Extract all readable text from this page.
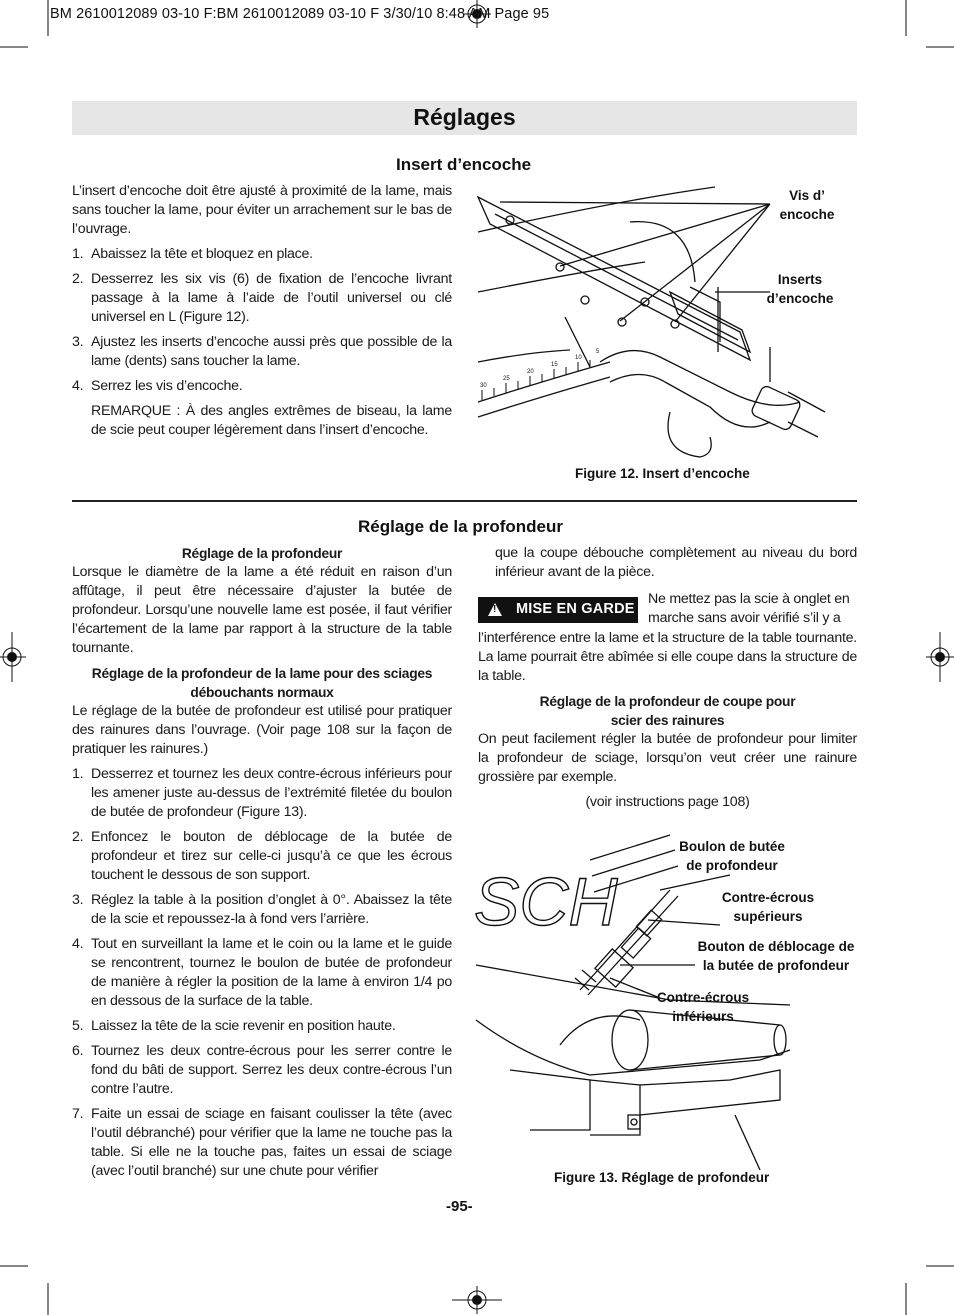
BM 2610012089 03-10 F:BM 2610012089 03-10 F 3/30/10 8:48 AM Page 95
Réglages
Insert d’encoche

L’insert d’encoche doit être ajusté à proximité de la lame, mais sans toucher la lame, pour éviter un arrachement sur le bas de l’ouvrage.

1. Abaissez la tête et bloquez en place.
2. Desserrez les six vis (6) de fixation de l’encoche livrant passage à la lame à l’aide de l’outil universel ou clé universel en L (Figure 12).
3. Ajustez les inserts d’encoche aussi près que possible de la lame (dents) sans toucher la lame.
4. Serrez les vis d’encoche.

REMARQUE : À des angles extrêmes de biseau, la lame de scie peut couper légèrement dans l’insert d’encoche.

30
25
20
15
10
5
Vis d’
encoche
Inserts
d’encoche
Figure 12. Insert d’encoche
Réglage de la profondeur
Réglage de la profondeur

Lorsque le diamètre de la lame a été réduit en raison d’un affûtage, il peut être nécessaire d’ajuster la butée de profondeur. Lorsqu’une nouvelle lame est posée, il faut vérifier l’écartement de la lame par rapport à la structure de la table tournante.

Réglage de la profondeur de la lame pour des sciages
débouchants normaux

Le réglage de la butée de profondeur est utilisé pour pratiquer des rainures dans l’ouvrage. (Voir page 108 sur la façon de pratiquer les rainures.)

1. Desserrez et tournez les deux contre-écrous inférieurs pour les amener juste au-dessus de l’extrémité filetée du boulon de butée de profondeur (Figure 13).
2. Enfoncez le bouton de déblocage de la butée de profondeur et tirez sur celle-ci jusqu’à ce que les écrous touchent le dessous de son support.
3. Réglez la table à la position d’onglet à 0°. Abaissez la tête de la scie et repoussez-la à fond vers l’arrière.
4. Tout en surveillant la lame et le coin ou la lame et le guide se rencontrent, tournez le boulon de butée de profondeur de manière à régler la position de la lame à environ 1/4 po en dessous de la surface de la table.
5. Laissez la tête de la scie revenir en position haute.
6. Tournez les deux contre-écrous pour les serrer contre le fond du bâti de support. Serrez les deux contre-écrous l’un contre l’autre.
7. Faite un essai de sciage en faisant coulisser la tête (avec l’outil débranché) pour vérifier que la lame ne touche pas la table. Si elle ne la touche pas, faites un essai de sciage (avec l’outil branché) sur une chute pour vérifier

que la coupe débouche complètement au niveau du bord inférieur avant de la pièce.

! MISE EN GARDE
Ne mettez pas la scie à onglet en
marche sans avoir vérifié s’il y a

l’interférence entre la lame et la structure de la table tournante. La lame pourrait être abîmée si elle coupe dans la structure de la table.

Réglage de la profondeur de coupe pour
scier des rainures

On peut facilement régler la butée de profondeur pour limiter la profondeur de sciage, lorsqu’on veut créer une rainure grossière par exemple.

(voir instructions page 108)

SCH
Boulon de butée
de profondeur
Contre-écrous
supérieurs
Bouton de déblocage de
la butée de profondeur
Contre-écrous
inférieurs
Figure 13. Réglage de profondeur
-95-
